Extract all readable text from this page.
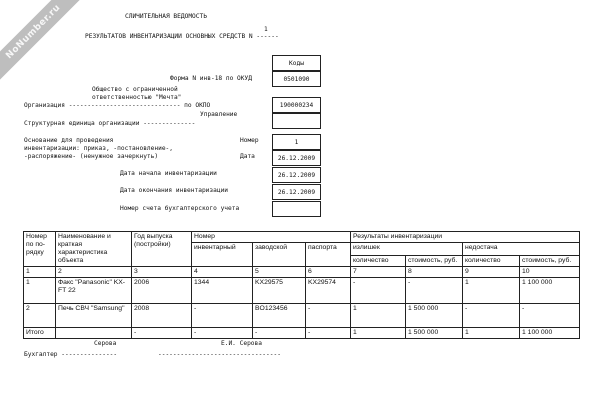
NoNumber.ru	СЛИЧИТЕЛЬНАЯ ВЕДОМОСТЬ
1
РЕЗУЛЬТАТОВ ИНВЕНТАРИЗАЦИИ ОСНОВНЫХ СРЕДСТВ N ------
Коды
Форма N инв-18 по ОКУД	0501090
Общество с ограниченной
ответственностью "Мечта"
Организация ------------------------------ по ОКПО	190000234
Управление
Структурная единица организации --------------
Основание для проведения
инвентаризации: приказ, -постановление-,
-распоряжение- (ненужное зачеркнуть)
Номер	1
Дата	26.12.2009
Дата начала инвентаризации	26.12.2009
Дата окончания инвентаризации	26.12.2009
Номер счета бухгалтерского учета
Номер по по-рядку	Наименование и краткая характеристика объекта	Год выпуска (постройки)	Номер			Результаты инвентаризации			
			инвентарный	заводской	паспорта	излишек		недостача	
						количество	стоимость, руб.	количество	стоимость, руб.
1	2	3	4	5	6	7	8	9	10
1	Факс "Panasonic" KX-FT 22	2006	1344	KX29575	KX29574	-	-	1	1 100 000
2	Печь СВЧ "Samsung"	2008	-	BO123456	-	1	1 500 000	-	-
Итого		-	-	-	-	1	1 500 000	1	1 100 000
Серова	Е.И. Серова
Бухгалтер ---------------	---------------------------------
